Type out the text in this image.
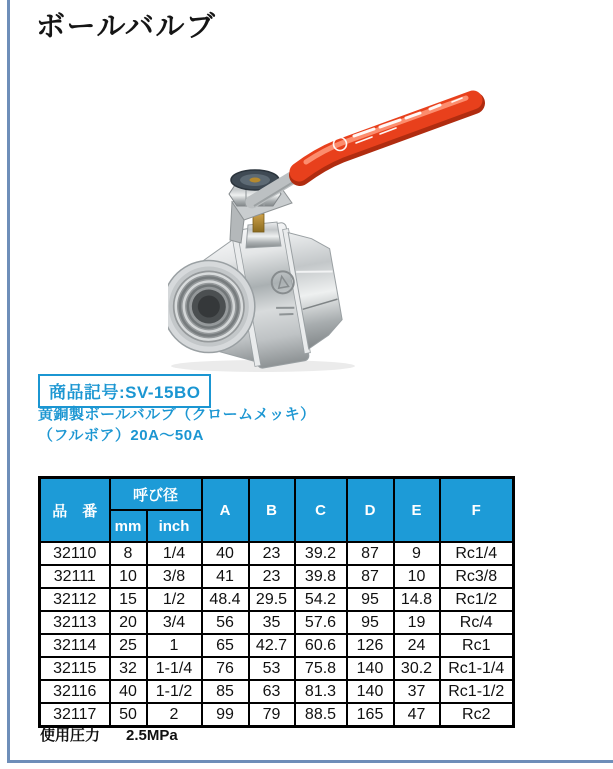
ボールバルブ
商品記号:SV-15BO

黄銅製ボールバルブ（クロームメッキ）
（フルボア）20A〜50A

品　番	呼び径		A	B	C	D	E	F
	mm	inch						
32110	8	1/4	40	23	39.2	87	9	Rc1/4
32111	10	3/8	41	23	39.8	87	10	Rc3/8
32112	15	1/2	48.4	29.5	54.2	95	14.8	Rc1/2
32113	20	3/4	56	35	57.6	95	19	Rc/4
32114	25	1	65	42.7	60.6	126	24	Rc1
32115	32	1-1/4	76	53	75.8	140	30.2	Rc1-1/4
32116	40	1-1/2	85	63	81.3	140	37	Rc1-1/2
32117	50	2	99	79	88.5	165	47	Rc2

使用圧力 2.5MPa
